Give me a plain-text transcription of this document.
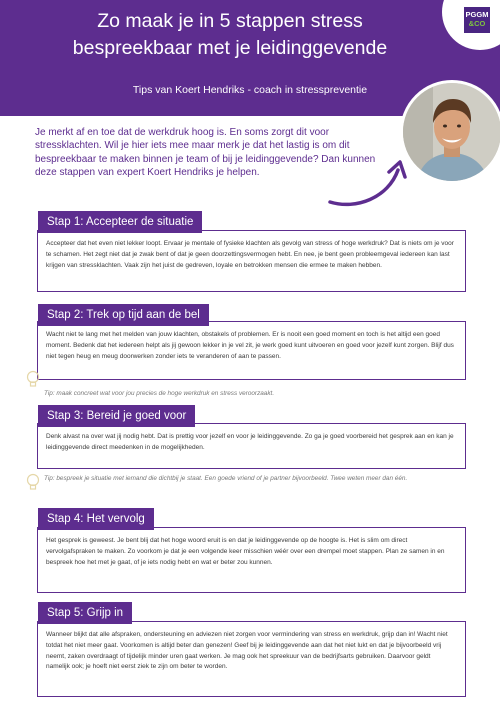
Zo maak je in 5 stappen stress
bespreekbaar met je leidinggevende
Tips van Koert Hendriks - coach in stresspreventie
PGGM
&CO
Je merkt af en toe dat de werkdruk hoog is. En soms zorgt dit voor stressklachten. Wil je hier iets mee maar merk je dat het lastig is om dit bespreekbaar te maken binnen je team of bij je leidinggevende? Dan kunnen deze stappen van expert Koert Hendriks je helpen.
Accepteer dat het even niet lekker loopt. Ervaar je mentale of fysieke klachten als gevolg van stress of hoge werkdruk? Dat is niets om je voor te schamen. Het zegt niet dat je zwak bent of dat je geen doorzettingsvermogen hebt. En nee, je bent geen probleemgeval iedereen kan last krijgen van stressklachten. Vaak zijn het juist de gedreven, loyale en betrokken mensen die ermee te maken hebben.
Stap 1: Accepteer de situatie
Wacht niet te lang met het melden van jouw klachten, obstakels of problemen. Er is nooit een goed moment en toch is het altijd een goed moment. Bedenk dat het iedereen helpt als jij gewoon lekker in je vel zit, je werk goed kunt uitvoeren en goed voor jezelf kunt zorgen. Blijf dus niet tegen heug en meug doorwerken zonder iets te veranderen of aan te passen.
Stap 2: Trek op tijd aan de bel
Tip: maak concreet wat voor jou precies de hoge werkdruk en stress veroorzaakt.
Denk alvast na over wat jij nodig hebt. Dat is prettig voor jezelf en voor je leidinggevende. Zo ga je goed voorbereid het gesprek aan en kan je leidinggevende direct meedenken in de mogelijkheden.
Stap 3: Bereid je goed voor
Tip: bespreek je situatie met iemand die dichtbij je staat. Een goede vriend of je partner bijvoorbeeld. Twee weten meer dan één.
Het gesprek is geweest. Je bent blij dat het hoge woord eruit is en dat je leidinggevende op de hoogte is. Het is slim om direct vervolgafspraken te maken. Zo voorkom je dat je een volgende keer misschien wéér over een drempel moet stappen. Plan ze samen in en bespreek hoe het met je gaat, of je iets nodig hebt en wat er beter zou kunnen.
Stap 4: Het vervolg
Wanneer blijkt dat alle afspraken, ondersteuning en adviezen niet zorgen voor vermindering van stress en werkdruk, grijp dan in! Wacht niet totdat het niet meer gaat. Voorkomen is altijd beter dan genezen! Geef bij je leidinggevende aan dat het niet lukt en dat je bijvoorbeeld vrij neemt, zaken overdraagt of tijdelijk minder uren gaat werken. Je mag ook het spreekuur van de bedrijfsarts gebruiken. Daarvoor geldt namelijk ook; je hoeft niet eerst ziek te zijn om beter te worden.
Stap 5: Grijp in
